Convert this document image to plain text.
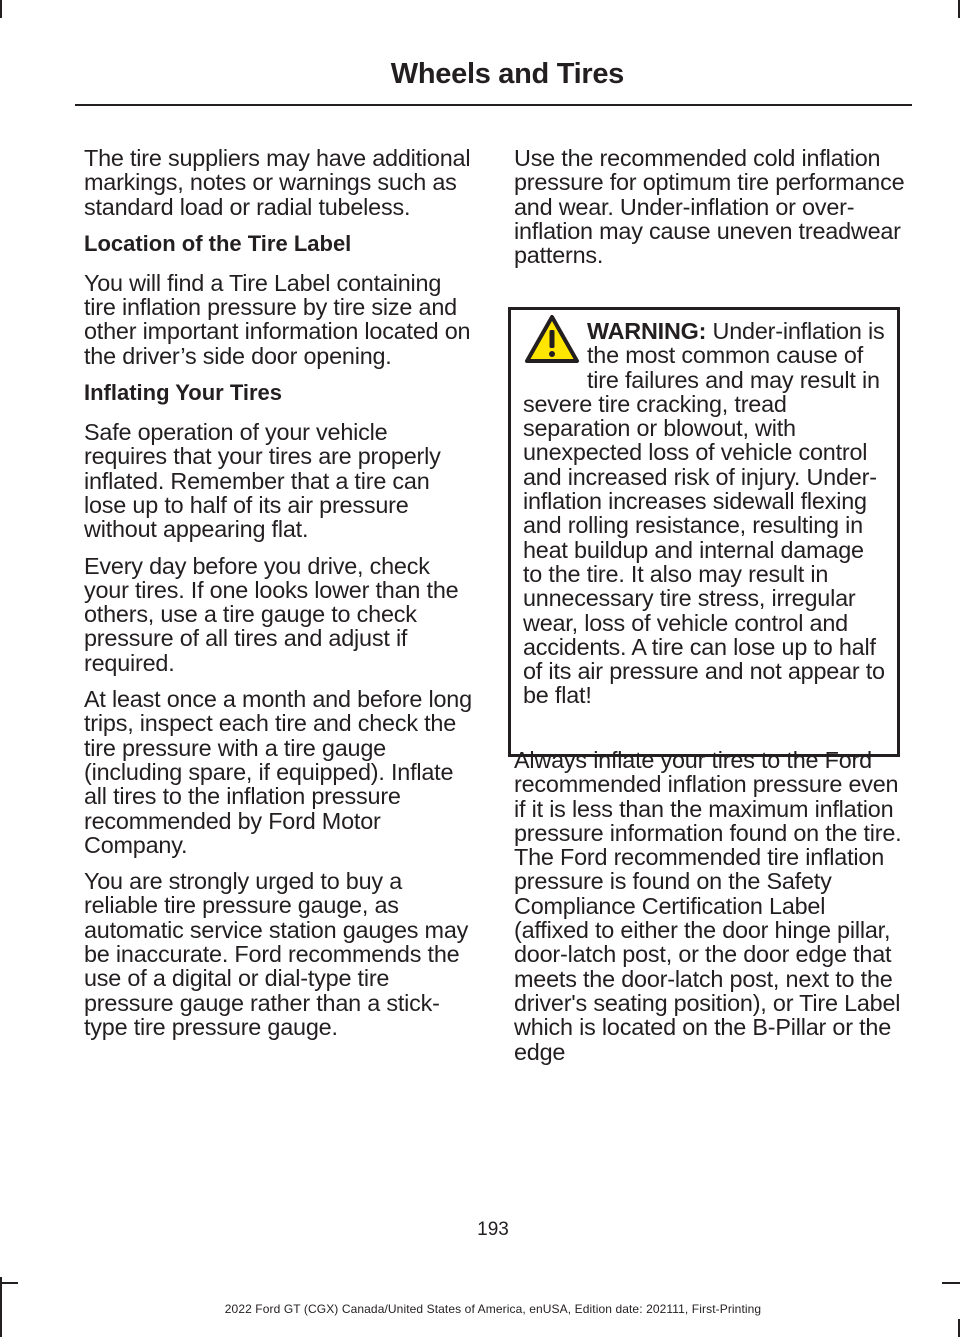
Wheels and Tires

The tire suppliers may have additional markings, notes or warnings such as standard load or radial tubeless.

Location of the Tire Label

You will find a Tire Label containing tire inflation pressure by tire size and other important information located on the driver’s side door opening.

Inflating Your Tires

Safe operation of your vehicle requires that your tires are properly inflated. Remember that a tire can lose up to half of its air pressure without appearing flat.

Every day before you drive, check your tires. If one looks lower than the others, use a tire gauge to check pressure of all tires and adjust if required.

At least once a month and before long trips, inspect each tire and check the tire pressure with a tire gauge (including spare, if equipped). Inflate all tires to the inflation pressure recommended by Ford Motor Company.

You are strongly urged to buy a reliable tire pressure gauge, as automatic service station gauges may be inaccurate. Ford recommends the use of a digital or dial-type tire pressure gauge rather than a stick-type tire pressure gauge.

Use the recommended cold inflation pressure for optimum tire performance and wear. Under-inflation or over-inflation may cause uneven treadwear patterns.

WARNING: Under-inflation is the most common cause of tire failures and may result in severe tire cracking, tread separation or blowout, with unexpected loss of vehicle control and increased risk of injury. Under-inflation increases sidewall flexing and rolling resistance, resulting in heat buildup and internal damage to the tire. It also may result in unnecessary tire stress, irregular wear, loss of vehicle control and accidents. A tire can lose up to half of its air pressure and not appear to be flat!

Always inflate your tires to the Ford recommended inflation pressure even if it is less than the maximum inflation pressure information found on the tire. The Ford recommended tire inflation pressure is found on the Safety Compliance Certification Label (affixed to either the door hinge pillar, door-latch post, or the door edge that meets the door-latch post, next to the driver's seating position), or Tire Label which is located on the B-Pillar or the edge

193
2022 Ford GT (CGX) Canada/United States of America, enUSA, Edition date: 202111, First-Printing
